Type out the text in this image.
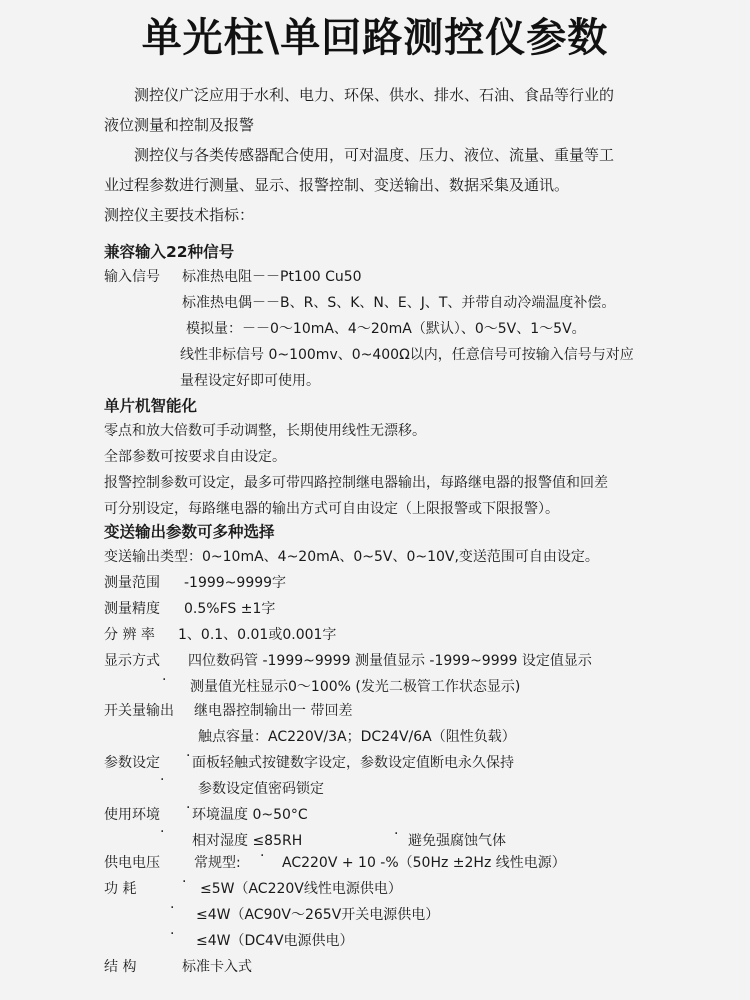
单光柱\单回路测控仪参数
测控仪广泛应用于水利、电力、环保、供水、排水、石油、食品等行业的
液位测量和控制及报警
测控仪与各类传感器配合使用，可对温度、压力、液位、流量、重量等工
业过程参数进行测量、显示、报警控制、变送输出、数据采集及通讯。
测控仪主要技术指标：
兼容输入22种信号
输入信号 标准热电阻－－Pt100 Cu50
标准热电偶－－B、R、S、K、N、E、J、T、并带自动冷端温度补偿。
模拟量：－－0～10mA、4～20mA（默认）、0～5V、1～5V。
线性非标信号 0~100mv、0~400Ω以内，任意信号可按输入信号与对应
量程设定好即可使用。
单片机智能化
零点和放大倍数可手动调整，长期使用线性无漂移。
全部参数可按要求自由设定。
报警控制参数可设定，最多可带四路控制继电器输出，每路继电器的报警值和回差
可分别设定，每路继电器的输出方式可自由设定（上限报警或下限报警）。
变送输出参数可多种选择
变送输出类型：0~10mA、4~20mA、0~5V、0~10V,变送范围可自由设定。
测量范围 -1999~9999字
测量精度 0.5%FS ±1字
分 辨 率 1、0.1、0.01或0.001字
显示方式 四位数码管 -1999~9999 测量值显示 -1999~9999 设定值显示
· 测量值光柱显示0～100% (发光二极管工作状态显示)
开关量输出 继电器控制输出一 带回差
触点容量：AC220V/3A；DC24V/6A（阻性负载）
参数设定 · 面板轻触式按键数字设定，参数设定值断电永久保持
·
参数设定值密码锁定
使用环境 · 环境温度 0~50°C
·
相对湿度 ≤85RH	· 避免强腐蚀气体
供电电压 常规型: · AC220V + 10 -%（50Hz ±2Hz 线性电源）
功 耗	· ≤5W（AC220V线性电源供电）
· ≤4W（AC90V～265V开关电源供电）
· ≤4W（DC4V电源供电）
结 构	标准卡入式
